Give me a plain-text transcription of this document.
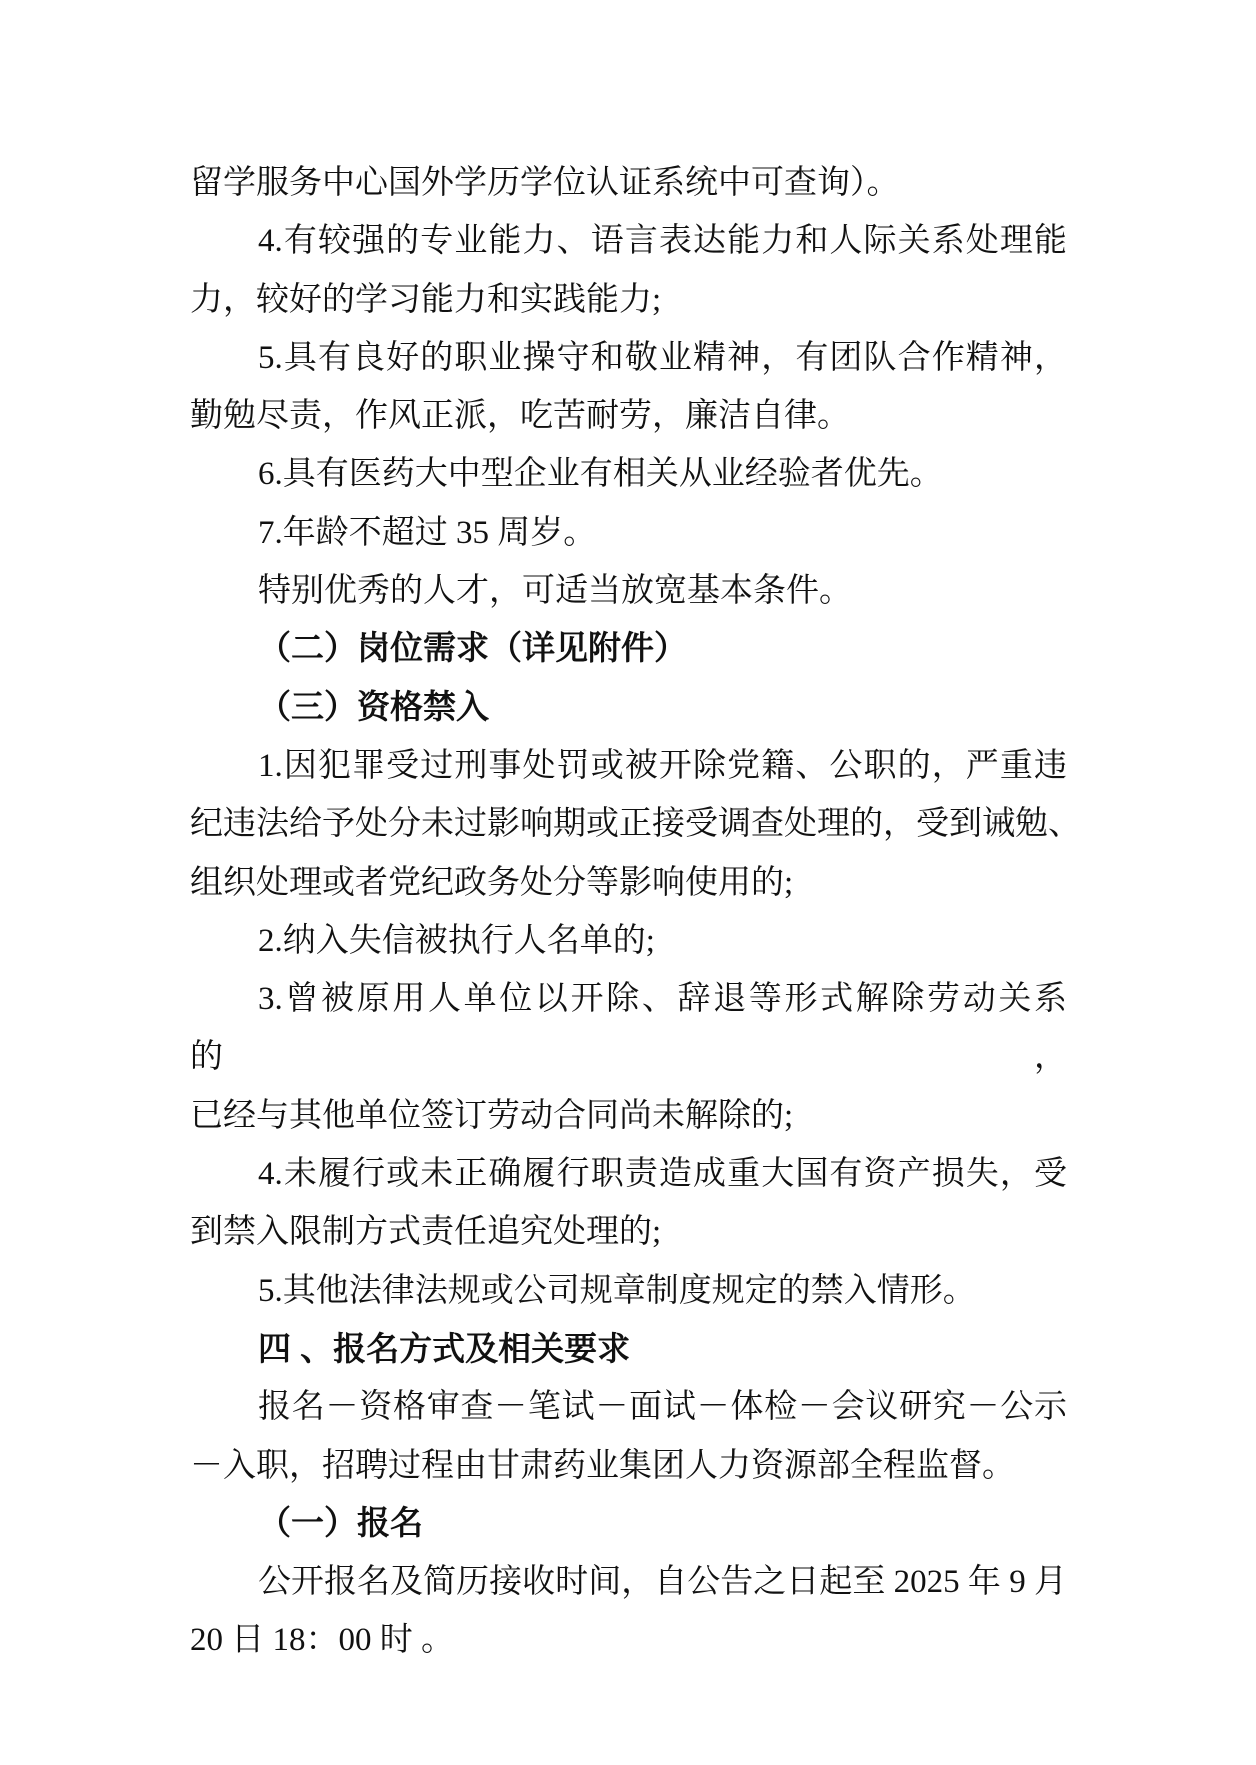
留学服务中心国外学历学位认证系统中可查询）。
4.有较强的专业能力、语言表达能力和人际关系处理能
力，较好的学习能力和实践能力;
5.具有良好的职业操守和敬业精神，有团队合作精神，
勤勉尽责，作风正派，吃苦耐劳，廉洁自律。
6.具有医药大中型企业有相关从业经验者优先。
7.年龄不超过 35 周岁。
特别优秀的人才，可适当放宽基本条件。
（二）岗位需求（详见附件）
（三）资格禁入
1.因犯罪受过刑事处罚或被开除党籍、公职的，严重违
纪违法给予处分未过影响期或正接受调查处理的，受到诫勉、
组织处理或者党纪政务处分等影响使用的;
2.纳入失信被执行人名单的;
3.曾被原用人单位以开除、辞退等形式解除劳动关系的，
已经与其他单位签订劳动合同尚未解除的;
4.未履行或未正确履行职责造成重大国有资产损失，受
到禁入限制方式责任追究处理的;
5.其他法律法规或公司规章制度规定的禁入情形。
四 、报名方式及相关要求
报名－资格审查－笔试－面试－体检－会议研究－公示
－入职，招聘过程由甘肃药业集团人力资源部全程监督。
（一）报名
公开报名及简历接收时间，自公告之日起至 2025 年 9 月
20 日 18：00 时 。
